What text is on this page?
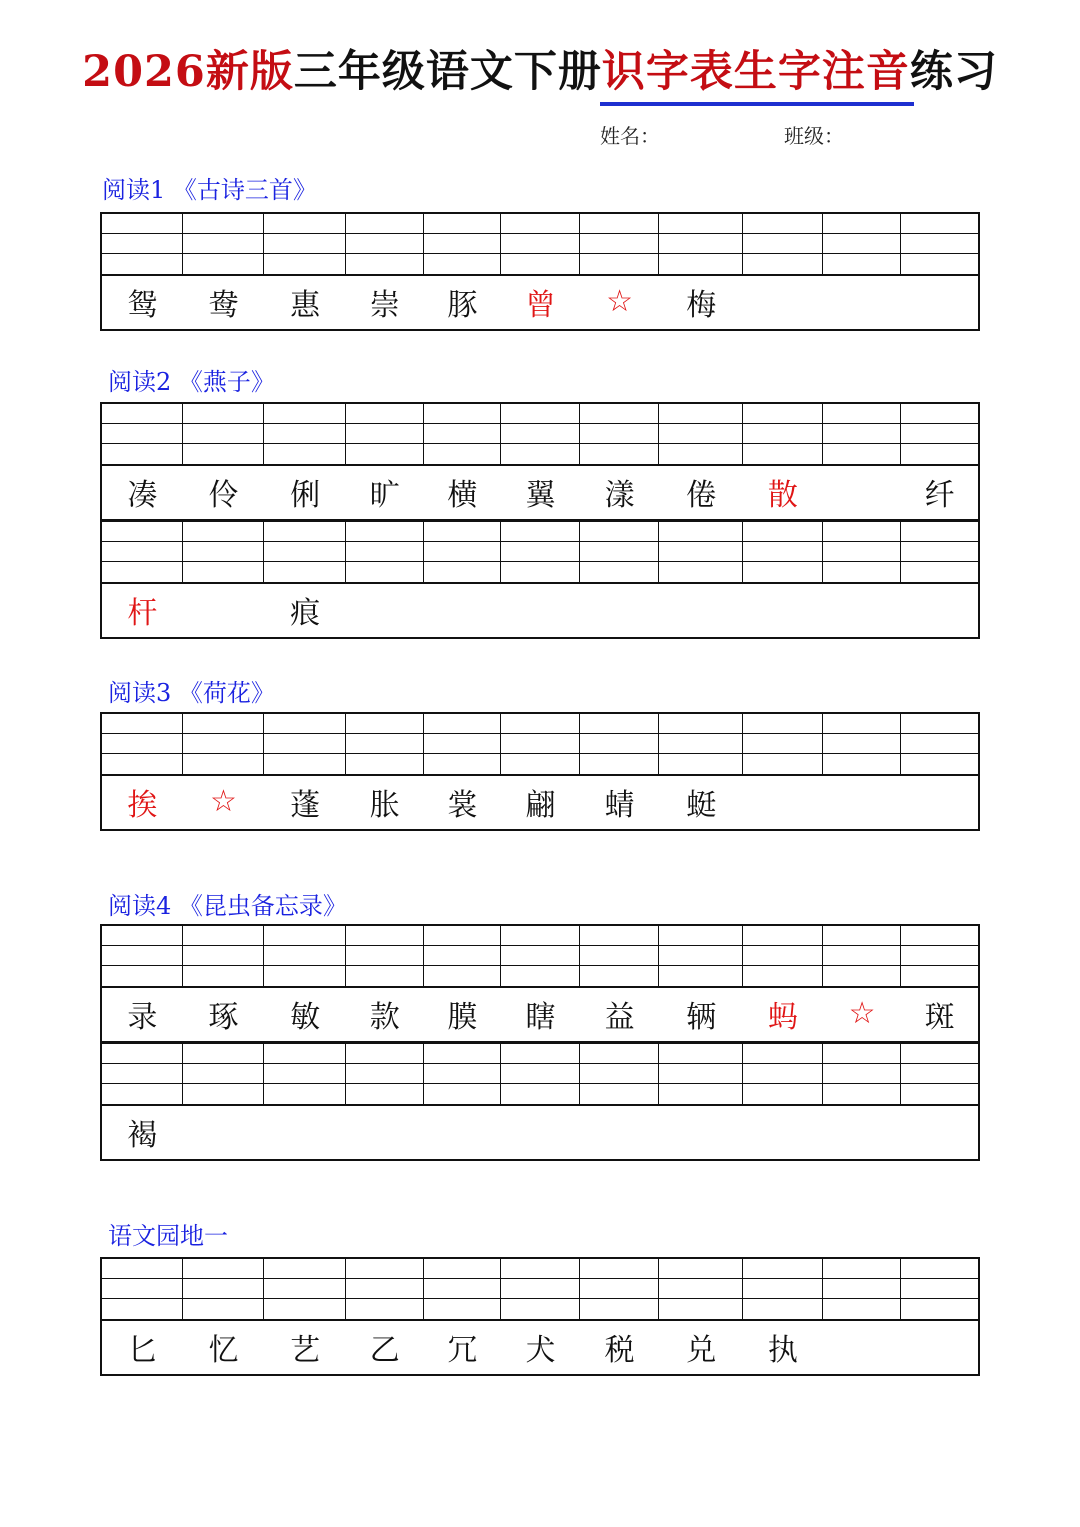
2026新版三年级语文下册识字表生字注音练习
姓名：	班级：
阅读1 《古诗三首》
鸳	鸯	惠	崇	豚	曾	☆	梅
阅读2 《燕子》
凑	伶	俐	旷	横	翼	漾	倦	散	纤
杆	痕
阅读3 《荷花》
挨	☆	蓬	胀	裳	翩	蜻	蜓
阅读4 《昆虫备忘录》
录	琢	敏	款	膜	瞎	益	辆	蚂	☆	斑
褐
语文园地一
匕	忆	艺	乙	冗	犬	税	兑	执
